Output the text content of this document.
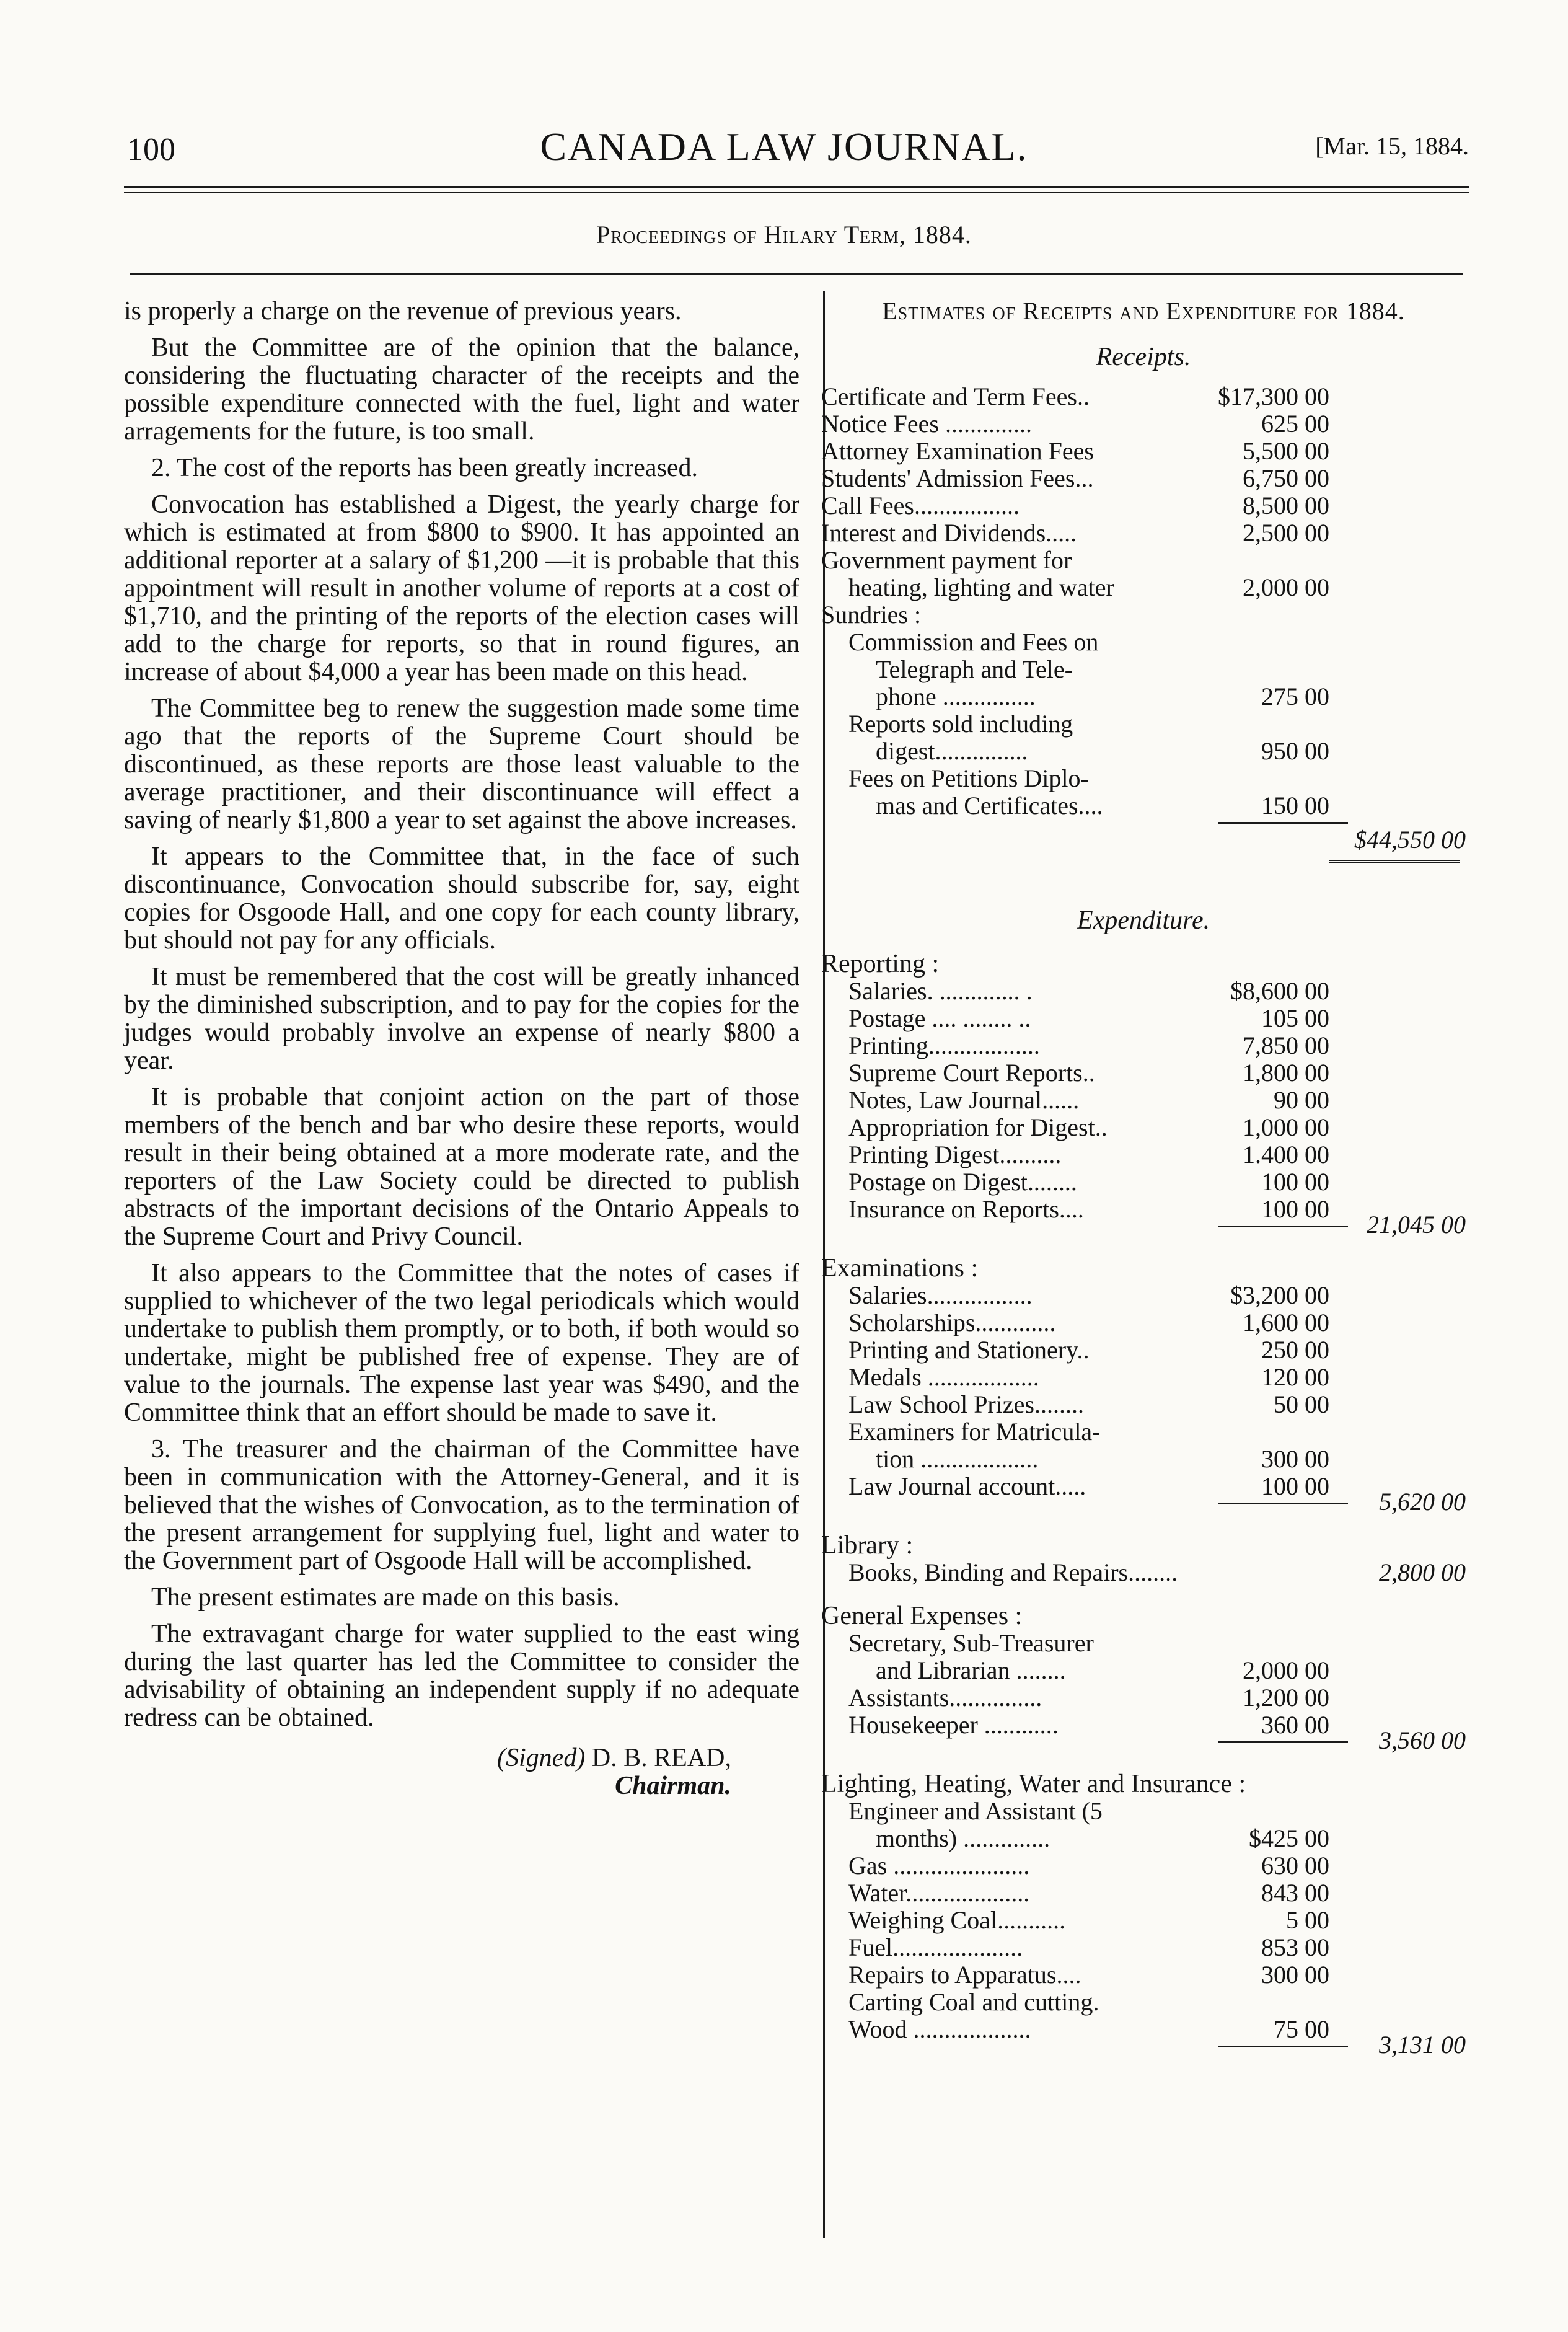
100	CANADA LAW JOURNAL.	[Mar. 15, 1884.
Proceedings of Hilary Term, 1884.

is properly a charge on the revenue of previous years.

But the Committee are of the opinion that the balance, considering the fluctuating character of the receipts and the possible expenditure connected with the fuel, light and water arragements for the future, is too small.

2. The cost of the reports has been greatly increased.

Convocation has established a Digest, the yearly charge for which is estimated at from $800 to $900. It has appointed an additional reporter at a salary of $1,200 —it is probable that this appointment will result in another volume of reports at a cost of $1,710, and the printing of the reports of the election cases will add to the charge for reports, so that in round figures, an increase of about $4,000 a year has been made on this head.

The Committee beg to renew the suggestion made some time ago that the reports of the Supreme Court should be discontinued, as these reports are those least valuable to the average practitioner, and their discontinuance will effect a saving of nearly $1,800 a year to set against the above increases.

It appears to the Committee that, in the face of such discontinuance, Convocation should subscribe for, say, eight copies for Osgoode Hall, and one copy for each county library, but should not pay for any officials.

It must be remembered that the cost will be greatly inhanced by the diminished subscription, and to pay for the copies for the judges would probably involve an expense of nearly $800 a year.

It is probable that conjoint action on the part of those members of the bench and bar who desire these reports, would result in their being obtained at a more moderate rate, and the reporters of the Law Society could be directed to publish abstracts of the important decisions of the Ontario Appeals to the Supreme Court and Privy Council.

It also appears to the Committee that the notes of cases if supplied to whichever of the two legal periodicals which would undertake to publish them promptly, or to both, if both would so undertake, might be published free of expense. They are of value to the journals. The expense last year was $490, and the Committee think that an effort should be made to save it.

3. The treasurer and the chairman of the Committee have been in communication with the Attorney-General, and it is believed that the wishes of Convocation, as to the termination of the present arrangement for supplying fuel, light and water to the Government part of Osgoode Hall will be accomplished.

The present estimates are made on this basis.

The extravagant charge for water supplied to the east wing during the last quarter has led the Committee to consider the advisability of obtaining an independent supply if no adequate redress can be obtained.

(Signed) D. B. READ,
Chairman.
Estimates of Receipts and Expenditure for 1884.
Receipts.
Certificate and Term Fees..	$17,300 00
Notice Fees ..............	625 00
Attorney Examination Fees	5,500 00
Students' Admission Fees...	6,750 00
Call Fees.................	8,500 00
Interest and Dividends.....	2,500 00
Government payment for
heating, lighting and water	2,000 00
Sundries :
Commission and Fees on
Telegraph and Tele-
phone ...............	275 00
Reports sold including
digest...............	950 00
Fees on Petitions Diplo-
mas and Certificates....	150 00
$44,550 00
Expenditure.
Reporting :
Salaries. ............. .	$8,600 00
Postage .... ........ ..	105 00
Printing..................	7,850 00
Supreme Court Reports..	1,800 00
Notes, Law Journal......	90 00
Appropriation for Digest..	1,000 00
Printing Digest..........	1.400 00
Postage on Digest........	100 00
Insurance on Reports....	100 00
21,045 00
Examinations :
Salaries.................	$3,200 00
Scholarships.............	1,600 00
Printing and Stationery..	250 00
Medals ..................	120 00
Law School Prizes........	50 00
Examiners for Matricula-
tion ...................	300 00
Law Journal account.....	100 00
5,620 00
Library :
Books, Binding and Repairs........	2,800 00
General Expenses :
Secretary, Sub-Treasurer
and Librarian ........	2,000 00
Assistants...............	1,200 00
Housekeeper ............	360 00
3,560 00
Lighting, Heating, Water and Insurance :
Engineer and Assistant (5
months) ..............	$425 00
Gas ......................	630 00
Water....................	843 00
Weighing Coal...........	5 00
Fuel.....................	853 00
Repairs to Apparatus....	300 00
Carting Coal and cutting.
Wood ...................	75 00
3,131 00
